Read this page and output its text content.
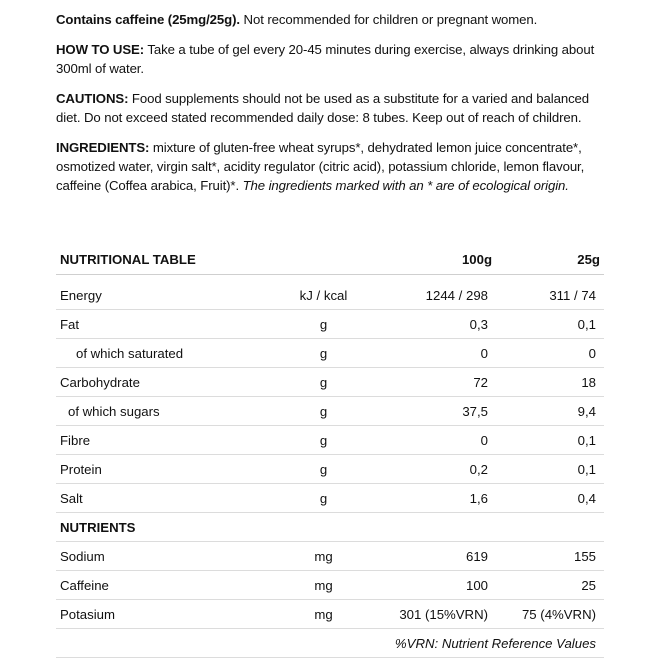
Contains caffeine (25mg/25g). Not recommended for children or pregnant women.

HOW TO USE: Take a tube of gel every 20-45 minutes during exercise, always drinking about 300ml of water.

CAUTIONS: Food supplements should not be used as a substitute for a varied and balanced diet. Do not exceed stated recommended daily dose: 8 tubes. Keep out of reach of children.

INGREDIENTS: mixture of gluten-free wheat syrups*, dehydrated lemon juice concentrate*, osmotized water, virgin salt*, acidity regulator (citric acid), potassium chloride, lemon flavour, caffeine (Coffea arabica, Fruit)*. The ingredients marked with an * are of ecological origin.

NUTRITIONAL TABLE		100g	25g

Energy	kJ / kcal	1244 / 298	311 / 74
Fat	g	0,3	0,1
of which saturated	g	0	0
Carbohydrate	g	72	18
of which sugars	g	37,5	9,4
Fibre	g	0	0,1
Protein	g	0,2	0,1
Salt	g	1,6	0,4
NUTRIENTS			
Sodium	mg	619	155
Caffeine	mg	100	25
Potasium	mg	301 (15%VRN)	75 (4%VRN)
%VRN: Nutrient Reference Values			
